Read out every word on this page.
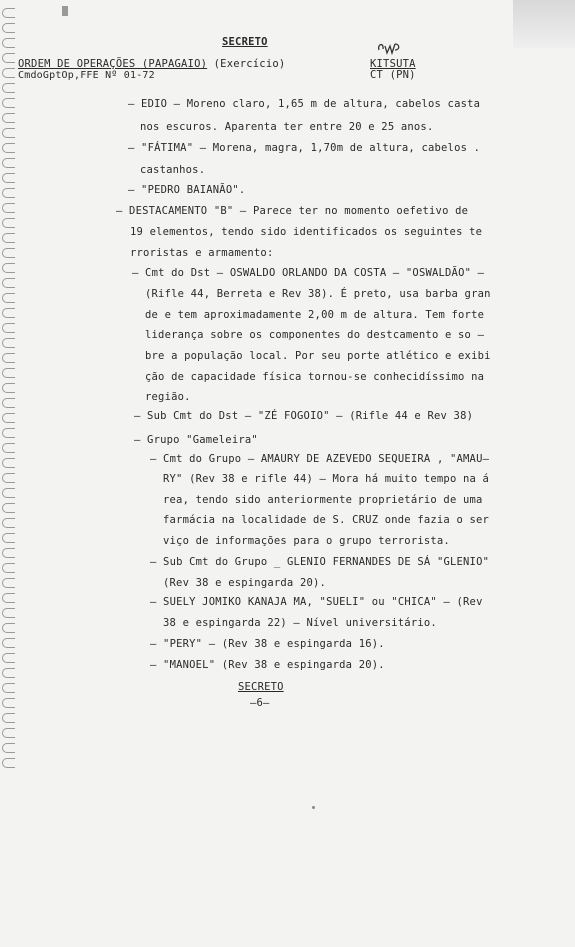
SECRETO
ORDEM DE OPERAÇÕES (PAPAGAIO) (Exercício)
CmdoGptOp,FFE Nº 01-72
KITSUTA
CT (PN)
– EDIO – Moreno claro, 1,65 m de altura, cabelos casta
nos escuros. Aparenta ter entre 20 e 25 anos.
– "FÁTIMA" – Morena, magra, 1,70m de altura, cabelos .
castanhos.
– "PEDRO BAIANÃO".
– DESTACAMENTO "B" – Parece ter no momento oefetivo de
19 elementos, tendo sido identificados os seguintes te
rroristas e armamento:
– Cmt do Dst – OSWALDO ORLANDO DA COSTA – "OSWALDÃO" –
(Rifle 44, Berreta e Rev 38). É preto, usa barba gran
de e tem aproximadamente 2,00 m de altura. Tem forte
liderança sobre os componentes do destcamento e so –
bre a população local. Por seu porte atlético e exibi
ção de capacidade física tornou-se conhecidíssimo na
região.
– Sub Cmt do Dst – "ZÉ FOGOIO" – (Rifle 44 e Rev 38)
– Grupo "Gameleira"
– Cmt do Grupo – AMAURY DE AZEVEDO SEQUEIRA , "AMAU–
RY" (Rev 38 e rifle 44) – Mora há muito tempo na á
rea, tendo sido anteriormente proprietário de uma
farmácia na localidade de S. CRUZ onde fazia o ser
viço de informações para o grupo terrorista.
– Sub Cmt do Grupo _ GLENIO FERNANDES DE SÁ "GLENIO"
(Rev 38 e espingarda 20).
– SUELY JOMIKO KANAJA MA, "SUELI" ou "CHICA" – (Rev
38 e espingarda 22) – Nível universitário.
– "PERY" – (Rev 38 e espingarda 16).
– "MANOEL" (Rev 38 e espingarda 20).
SECRETO
–6–
